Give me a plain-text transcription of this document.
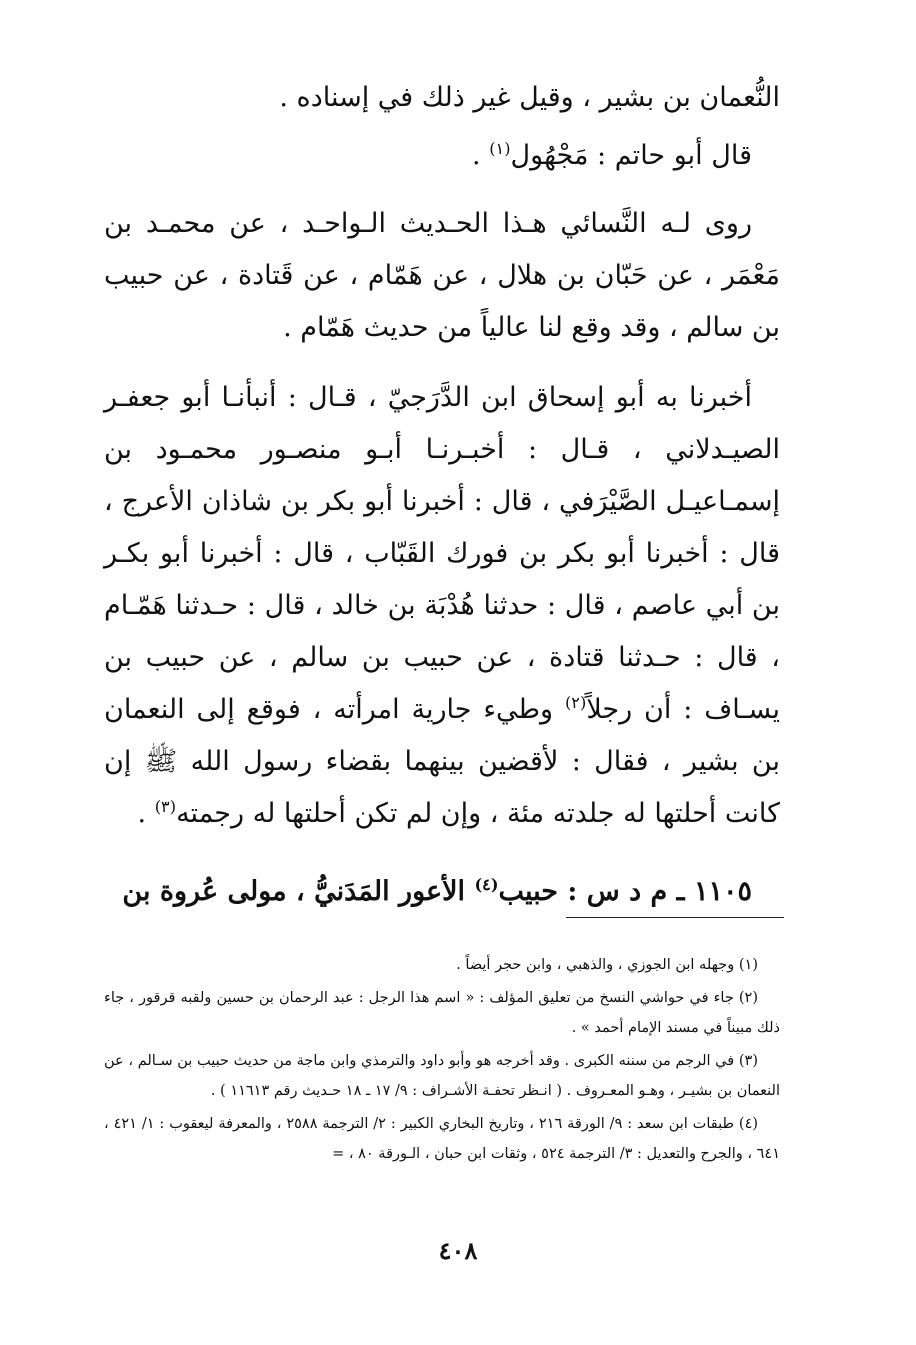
النُّعمان بن بشير ، وقيل غير ذلك في إسناده .

قال أبو حاتم : مَجْهُول$^{(١)}$ .

روى لـه النَّسائي هـذا الحـديث الـواحـد ، عن محمـد بن مَعْمَر ، عن حَبّان بن هلال ، عن هَمّام ، عن قَتادة ، عن حبيب بن سالم ، وقد وقع لنا عالياً من حديث هَمّام .

أخبرنا به أبو إسحاق ابن الدَّرَجيّ ، قـال : أنبأنـا أبو جعفـر الصيـدلاني ، قـال : أخبـرنـا أبـو منصـور محمـود بن إسمـاعيـل الصَّيْرَفي ، قال : أخبرنا أبو بكر بن شاذان الأعرج ، قال : أخبرنا أبو بكر بن فورك القَبّاب ، قال : أخبرنا أبو بكـر بن أبي عاصم ، قال : حدثنا هُدْبَة بن خالد ، قال : حـدثنا هَمّـام ، قال : حـدثنا قتادة ، عن حبيب بن سالم ، عن حبيب بن يسـاف : أن رجلاً$^{(٢)}$ وطيء جارية امرأته ، فوقع إلى النعمان بن بشير ، فقال : لأقضين بينهما بقضاء رسول الله ﷺ إن كانت أحلتها له جلدته مئة ، وإن لم تكن أحلتها له رجمته$^{(٣)}$ .

١١٠٥ ـ م د س : حبيب$^{(٤)}$ الأعور المَدَنيُّ ، مولى عُروة بن

(١) وجهله ابن الجوزي ، والذهبي ، وابن حجر أيضاً .

(٢) جاء في حواشي النسخ من تعليق المؤلف : « اسم هذا الرجل : عبد الرحمان بن حسين ولقبه قرقور ، جاء ذلك مبيناً في مسند الإمام أحمد » .

(٣) في الرجم من سننه الكبرى . وقد أخرجه هو وأبو داود والترمذي وابن ماجة من حديث حبيب بن سـالم ، عن النعمان بن بشيـر ، وهـو المعـروف . ( انـظر تحفـة الأشـراف : ٩/ ١٧ ـ ١٨ حـديث رقم ١١٦١٣ ) .

(٤) طبقات ابن سعد : ٩/ الورقة ٢١٦ ، وتاريخ البخاري الكبير : ٢/ الترجمة ٢٥٨٨ ، والمعرفة ليعقوب : ١/ ٤٢١ ، ٦٤١ ، والجرح والتعديل : ٣/ الترجمة ٥٢٤ ، وثقات ابن حبان ، الـورقة ٨٠ ، =

٤٠٨
